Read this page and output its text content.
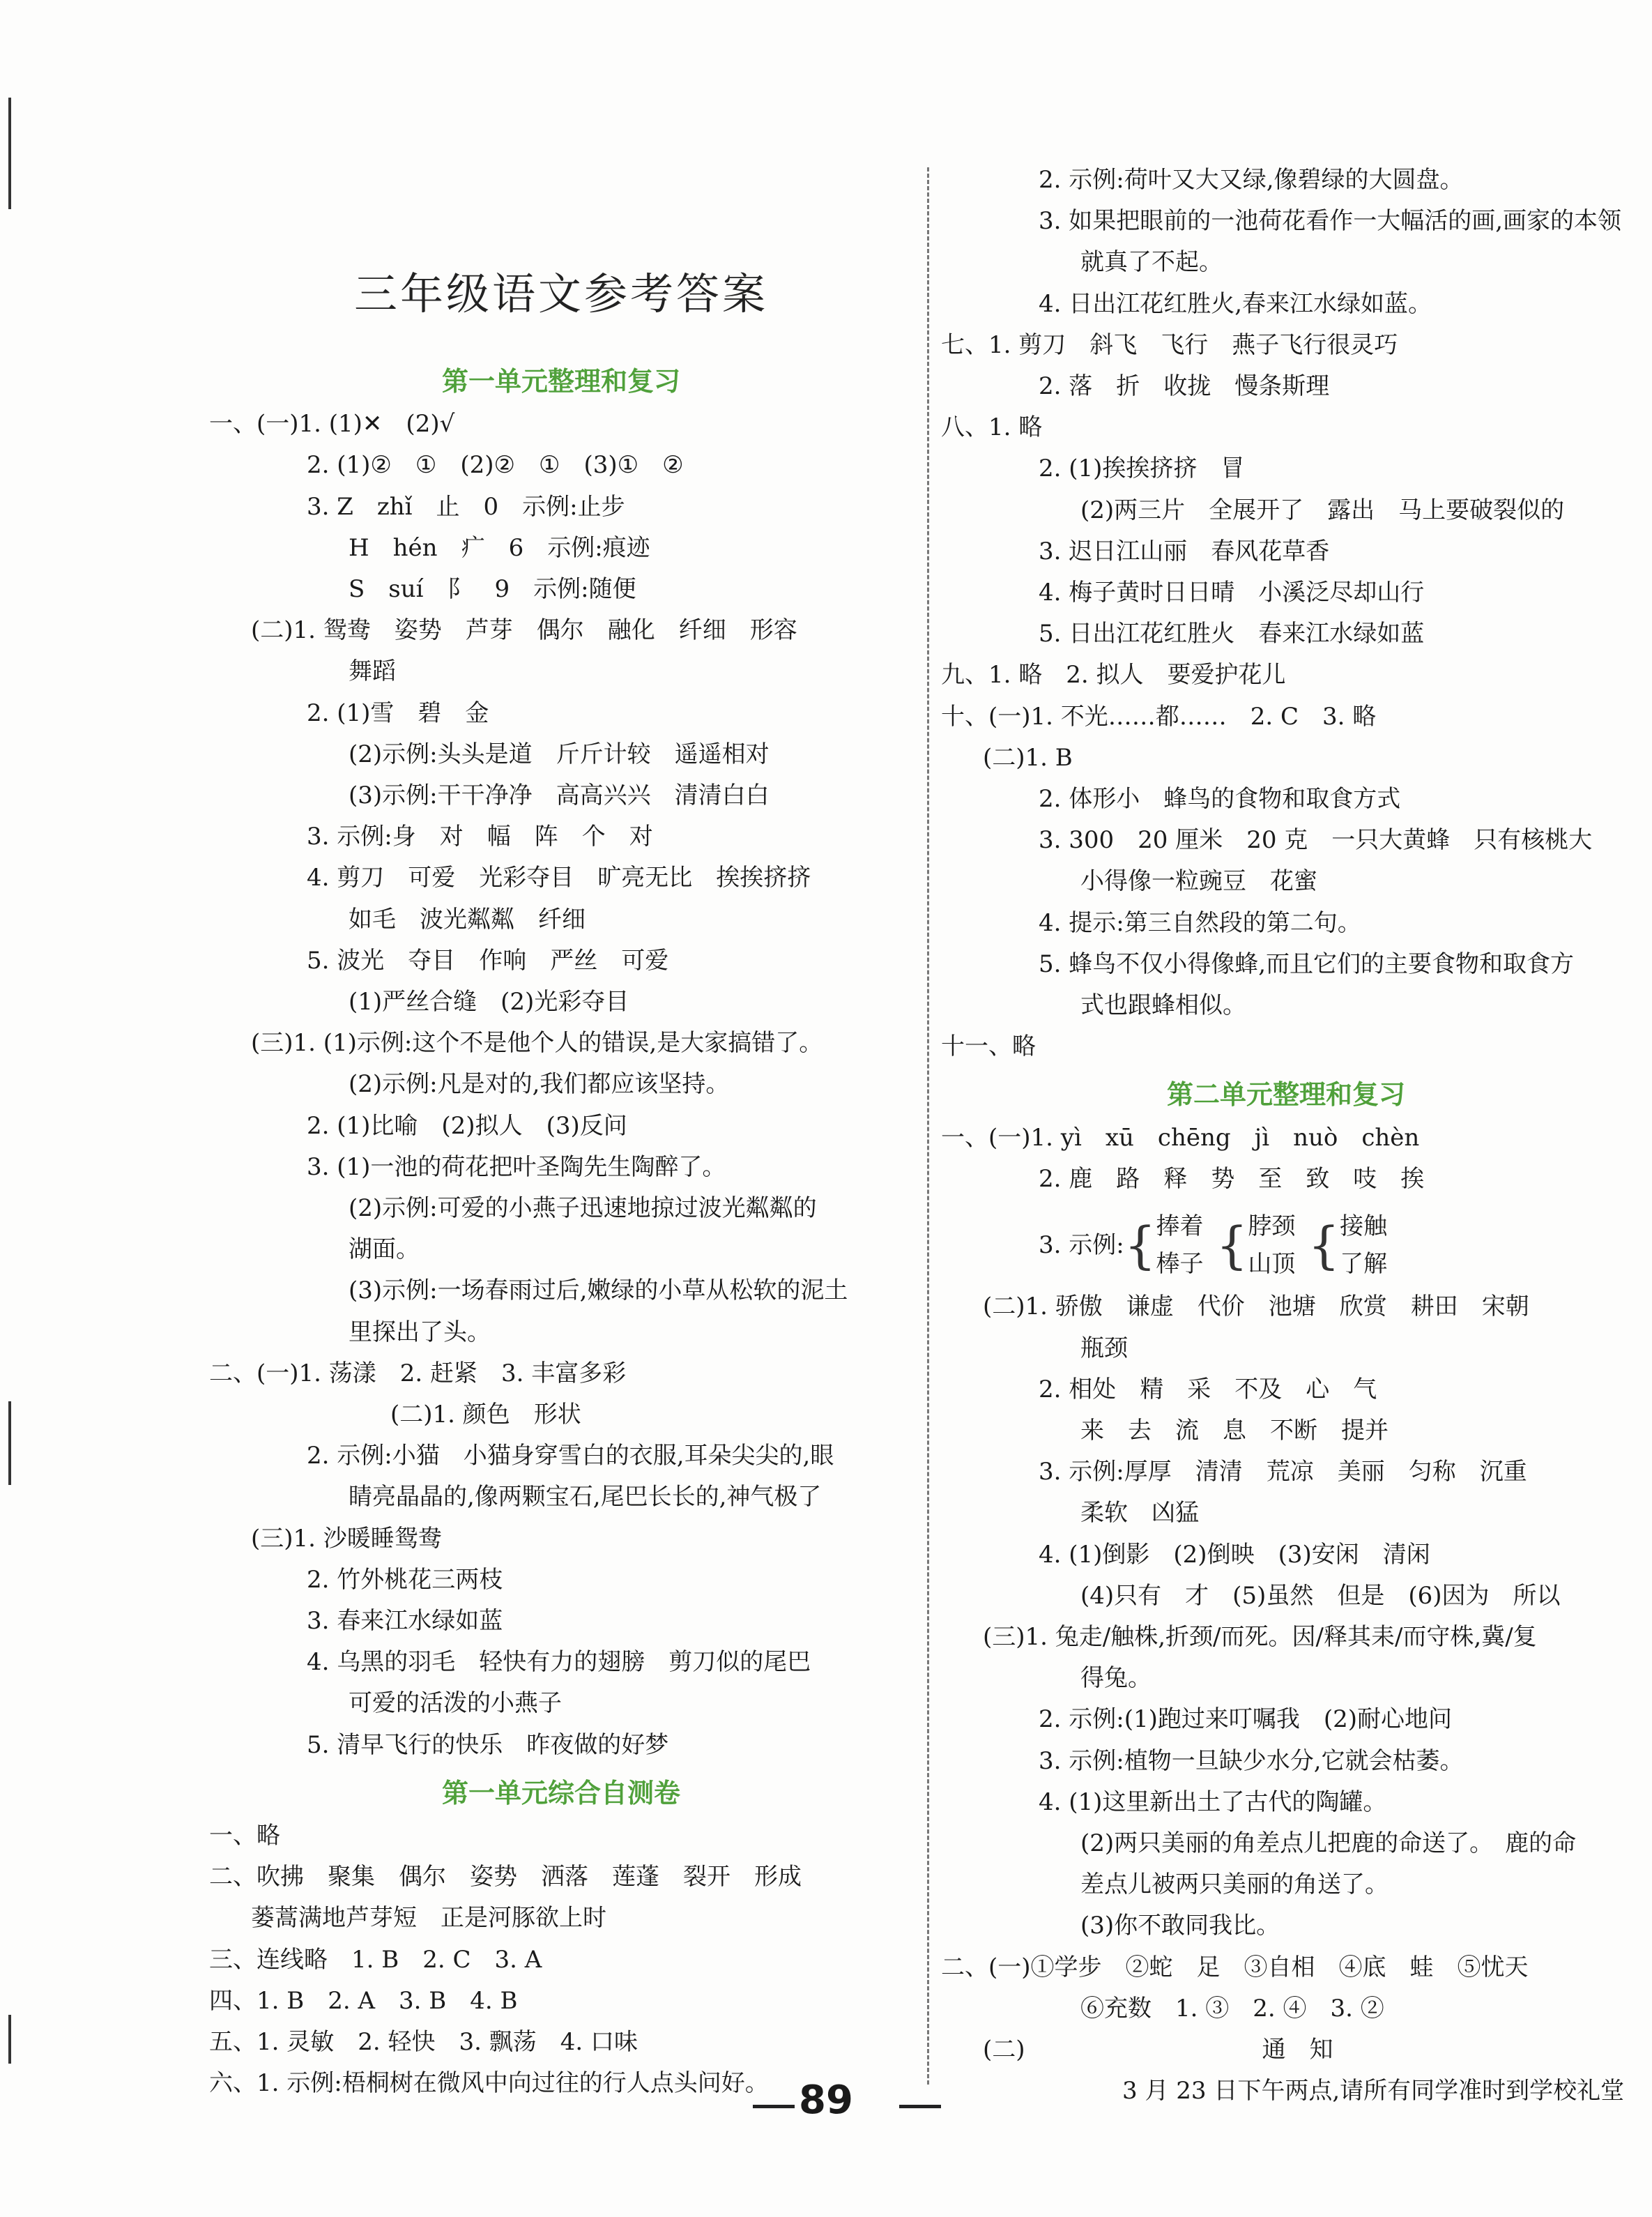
三年级语文参考答案
第一单元整理和复习
一、(一)1. (1)✕　(2)√
2. (1)②　①　(2)②　①　(3)①　②
3. Z　zhǐ　止　0　示例:止步
H　hén　疒　6　示例:痕迹
S　suí　阝　9　示例:随便
(二)1. 鸳鸯　姿势　芦芽　偶尔　融化　纤细　形容
舞蹈
2. (1)雪　碧　金
(2)示例:头头是道　斤斤计较　遥遥相对
(3)示例:干干净净　高高兴兴　清清白白
3. 示例:身　对　幅　阵　个　对
4. 剪刀　可爱　光彩夺目　旷亮无比　挨挨挤挤
如毛　波光粼粼　纤细
5. 波光　夺目　作响　严丝　可爱
(1)严丝合缝　(2)光彩夺目
(三)1. (1)示例:这个不是他个人的错误,是大家搞错了。
(2)示例:凡是对的,我们都应该坚持。
2. (1)比喻　(2)拟人　(3)反问
3. (1)一池的荷花把叶圣陶先生陶醉了。
(2)示例:可爱的小燕子迅速地掠过波光粼粼的
湖面。
(3)示例:一场春雨过后,嫩绿的小草从松软的泥土
里探出了头。
二、(一)1. 荡漾　2. 赶紧　3. 丰富多彩
(二)1. 颜色　形状
2. 示例:小猫　小猫身穿雪白的衣服,耳朵尖尖的,眼
睛亮晶晶的,像两颗宝石,尾巴长长的,神气极了
(三)1. 沙暖睡鸳鸯
2. 竹外桃花三两枝
3. 春来江水绿如蓝
4. 乌黑的羽毛　轻快有力的翅膀　剪刀似的尾巴
可爱的活泼的小燕子
5. 清早飞行的快乐　昨夜做的好梦
第一单元综合自测卷
一、略
二、吹拂　聚集　偶尔　姿势　洒落　莲蓬　裂开　形成
蒌蒿满地芦芽短　正是河豚欲上时
三、连线略　1. B　2. C　3. A
四、1. B　2. A　3. B　4. B
五、1. 灵敏　2. 轻快　3. 飘荡　4. 口味
六、1. 示例:梧桐树在微风中向过往的行人点头问好。
2. 示例:荷叶又大又绿,像碧绿的大圆盘。
3. 如果把眼前的一池荷花看作一大幅活的画,画家的本领
就真了不起。
4. 日出江花红胜火,春来江水绿如蓝。
七、1. 剪刀　斜飞　飞行　燕子飞行很灵巧
2. 落　折　收拢　慢条斯理
八、1. 略
2. (1)挨挨挤挤　冒
(2)两三片　全展开了　露出　马上要破裂似的
3. 迟日江山丽　春风花草香
4. 梅子黄时日日晴　小溪泛尽却山行
5. 日出江花红胜火　春来江水绿如蓝
九、1. 略　2. 拟人　要爱护花儿
十、(一)1. 不光……都……　2. C　3. 略
(二)1. B
2. 体形小　蜂鸟的食物和取食方式
3. 300　20 厘米　20 克　一只大黄蜂　只有核桃大
小得像一粒豌豆　花蜜
4. 提示:第三自然段的第二句。
5. 蜂鸟不仅小得像蜂,而且它们的主要食物和取食方
式也跟蜂相似。
十一、略
第二单元整理和复习
一、(一)1. yì　xū　chēng　jì　nuò　chèn
2. 鹿　路　释　势　至　致　吱　挨
3. 示例:{ 捧着
棒子 { 脖颈
山顶 { 接触
了解
(二)1. 骄傲　谦虚　代价　池塘　欣赏　耕田　宋朝
瓶颈
2. 相处　精　采　不及　心　气
来　去　流　息　不断　提并
3. 示例:厚厚　清清　荒凉　美丽　匀称　沉重
柔软　凶猛
4. (1)倒影　(2)倒映　(3)安闲　清闲
(4)只有　才　(5)虽然　但是　(6)因为　所以
(三)1. 兔走/触株,折颈/而死。因/释其耒/而守株,冀/复
得兔。
2. 示例:(1)跑过来叮嘱我　(2)耐心地问
3. 示例:植物一旦缺少水分,它就会枯萎。
4. (1)这里新出土了古代的陶罐。
(2)两只美丽的角差点儿把鹿的命送了。　鹿的命
差点儿被两只美丽的角送了。
(3)你不敢同我比。
二、(一)①学步　②蛇　足　③自相　④底　蛙　⑤忧天
⑥充数　1. ③　2. ④　3. ②
(二)　　　　　　　　　　通　知
3 月 23 日下午两点,请所有同学准时到学校礼堂
89
